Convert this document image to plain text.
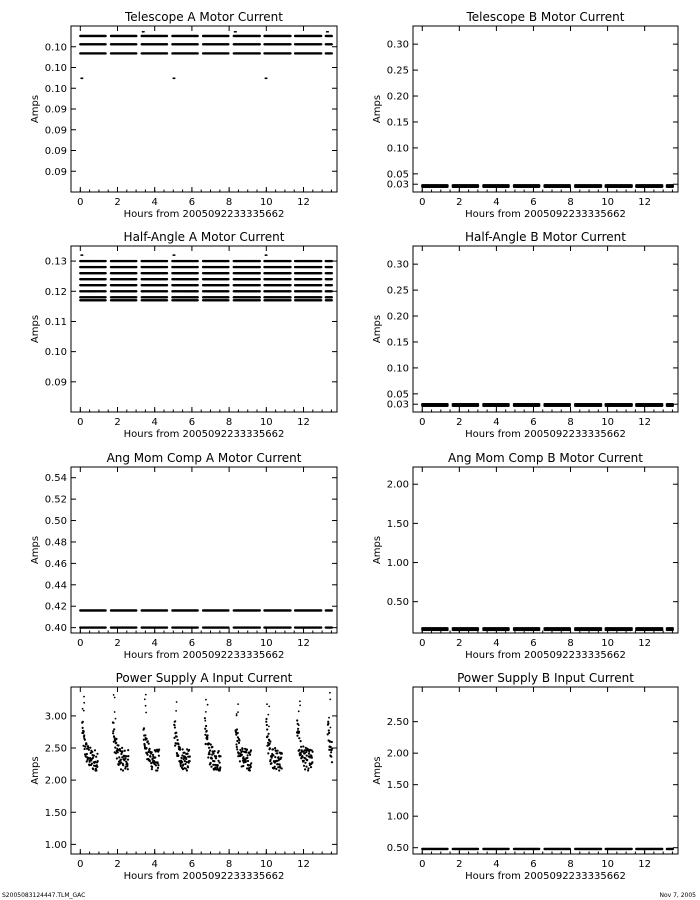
Telescope A Motor Current
Hours from 2005092233335662
Amps
0	2	4	6	8	10 12
0.09
0.09
0.09
0.09
0.10
0.10
0.10
Telescope B Motor Current
Hours from 2005092233335662
Amps
0	2	4	6	8	10 12
0.03
0.05
0.10
0.15
0.20
0.25
0.30
Half-Angle A Motor Current
Hours from 2005092233335662
Amps
0	2	4	6	8	10 12
0.09
0.10
0.11
0.12
0.13
Half-Angle B Motor Current
Hours from 2005092233335662
Amps
0	2	4	6	8	10 12
0.03
0.05
0.10
0.15
0.20
0.25
0.30
Ang Mom Comp A Motor Current
Hours from 2005092233335662
Amps
0	2	4	6	8	10 12
0.40
0.42
0.44
0.46
0.48
0.50
0.52
0.54
Ang Mom Comp B Motor Current
Hours from 2005092233335662
Amps
0	2	4	6	8	10 12
0.50
1.00
1.50
2.00
Power Supply A Input Current
Hours from 2005092233335662
Amps
0	2	4	6	8	10 12
1.00
1.50
2.00
2.50
3.00
Power Supply B Input Current
Hours from 2005092233335662
Amps
0	2	4	6	8	10 12
0.50
1.00
1.50
2.00
2.50
S2005083124447.TLM_GAC	Nov 7, 2005
